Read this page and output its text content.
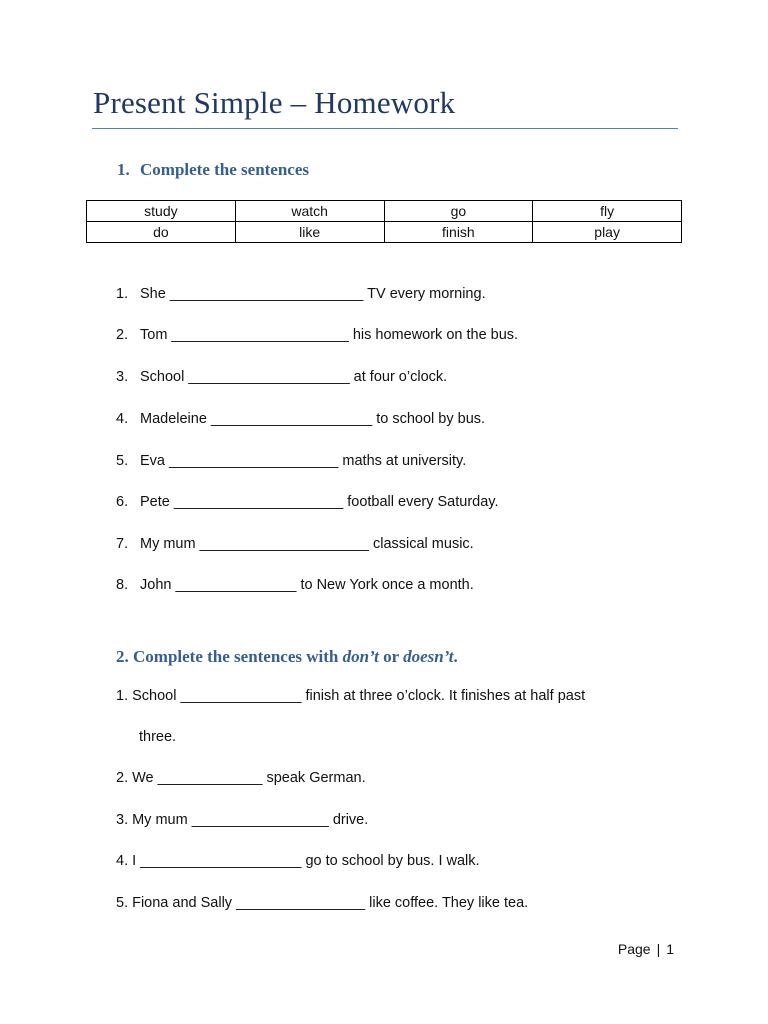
Present Simple – Homework
1. Complete the sentences
study	watch	go	fly
do	like	finish	play
1. She ________________________ TV every morning.
2. Tom ______________________ his homework on the bus.
3. School ____________________ at four o’clock.
4. Madeleine ____________________ to school by bus.
5. Eva _____________________ maths at university.
6. Pete _____________________ football every Saturday.
7. My mum _____________________ classical music.
8. John _______________ to New York once a month.
2. Complete the sentences with don’t or doesn’t.
1. School _______________ finish at three o’clock. It finishes at half past
three.
2. We _____________ speak German.
3. My mum _________________ drive.
4. I ____________________ go to school by bus. I walk.
5. Fiona and Sally ________________ like coffee. They like tea.
Page | 1
